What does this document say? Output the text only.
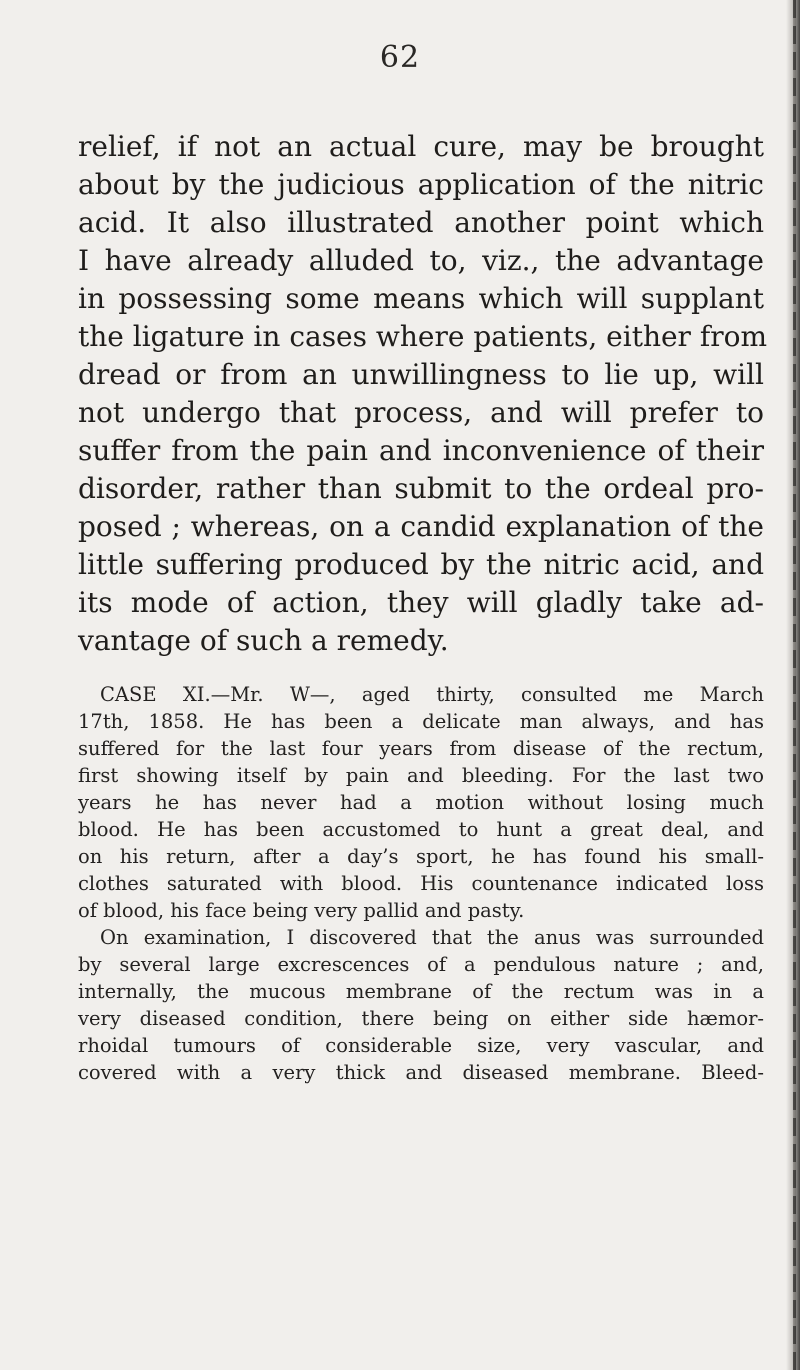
62
relief, if not an actual cure, may be brought
about by the judicious application of the nitric
acid. It also illustrated another point which
I have already alluded to, viz., the advantage
in possessing some means which will supplant
the ligature in cases where patients, either from
dread or from an unwillingness to lie up, will
not undergo that process, and will prefer to
suffer from the pain and inconvenience of their
disorder, rather than submit to the ordeal pro-
posed ; whereas, on a candid explanation of the
little suffering produced by the nitric acid, and
its mode of action, they will gladly take ad-
vantage of such a remedy.
CASE XI.—Mr. W—, aged thirty, consulted me March
17th, 1858. He has been a delicate man always, and has
suffered for the last four years from disease of the rectum,
first showing itself by pain and bleeding. For the last two
years he has never had a motion without losing much
blood. He has been accustomed to hunt a great deal, and
on his return, after a day’s sport, he has found his small-
clothes saturated with blood. His countenance indicated loss
of blood, his face being very pallid and pasty.
On examination, I discovered that the anus was surrounded
by several large excrescences of a pendulous nature ; and,
internally, the mucous membrane of the rectum was in a
very diseased condition, there being on either side hæmor-
rhoidal tumours of considerable size, very vascular, and
covered with a very thick and diseased membrane. Bleed-
